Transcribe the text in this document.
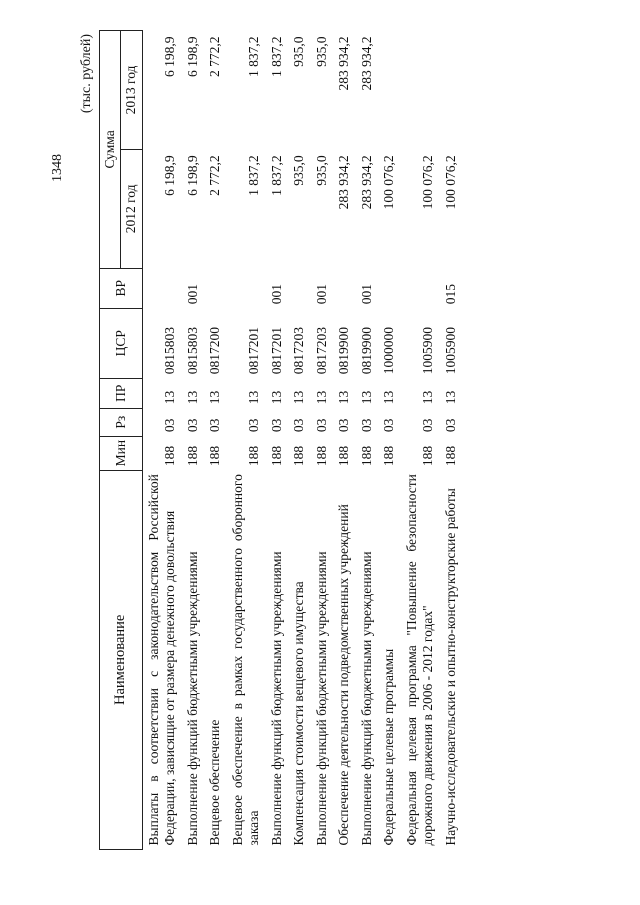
1348
(тыс. рублей)
Наименование	Мин	Рз	ПР	ЦСР	ВР	Сумма	
						2012 год	2013 год
Выплаты в соответствии с законодательством Российской Федерации, зависящие от размера денежного довольствия	188	03	13	0815803		6 198,9	6 198,9
Выполнение функций бюджетными учреждениями	188	03	13	0815803	001	6 198,9	6 198,9
Вещевое обеспечение	188	03	13	0817200		2 772,2	2 772,2
Вещевое обеспечение в рамках государственного оборонного заказа	188	03	13	0817201		1 837,2	1 837,2
Выполнение функций бюджетными учреждениями	188	03	13	0817201	001	1 837,2	1 837,2
Компенсация стоимости вещевого имущества	188	03	13	0817203		935,0	935,0
Выполнение функций бюджетными учреждениями	188	03	13	0817203	001	935,0	935,0
Обеспечение деятельности подведомственных учреждений	188	03	13	0819900		283 934,2	283 934,2
Выполнение функций бюджетными учреждениями	188	03	13	0819900	001	283 934,2	283 934,2
Федеральные целевые программы	188	03	13	1000000		100 076,2	
Федеральная целевая программа "Повышение безопасности дорожного движения в 2006 - 2012 годах"	188	03	13	1005900		100 076,2	
Научно-исследовательские и опытно-конструкторские работы	188	03	13	1005900	015	100 076,2	
